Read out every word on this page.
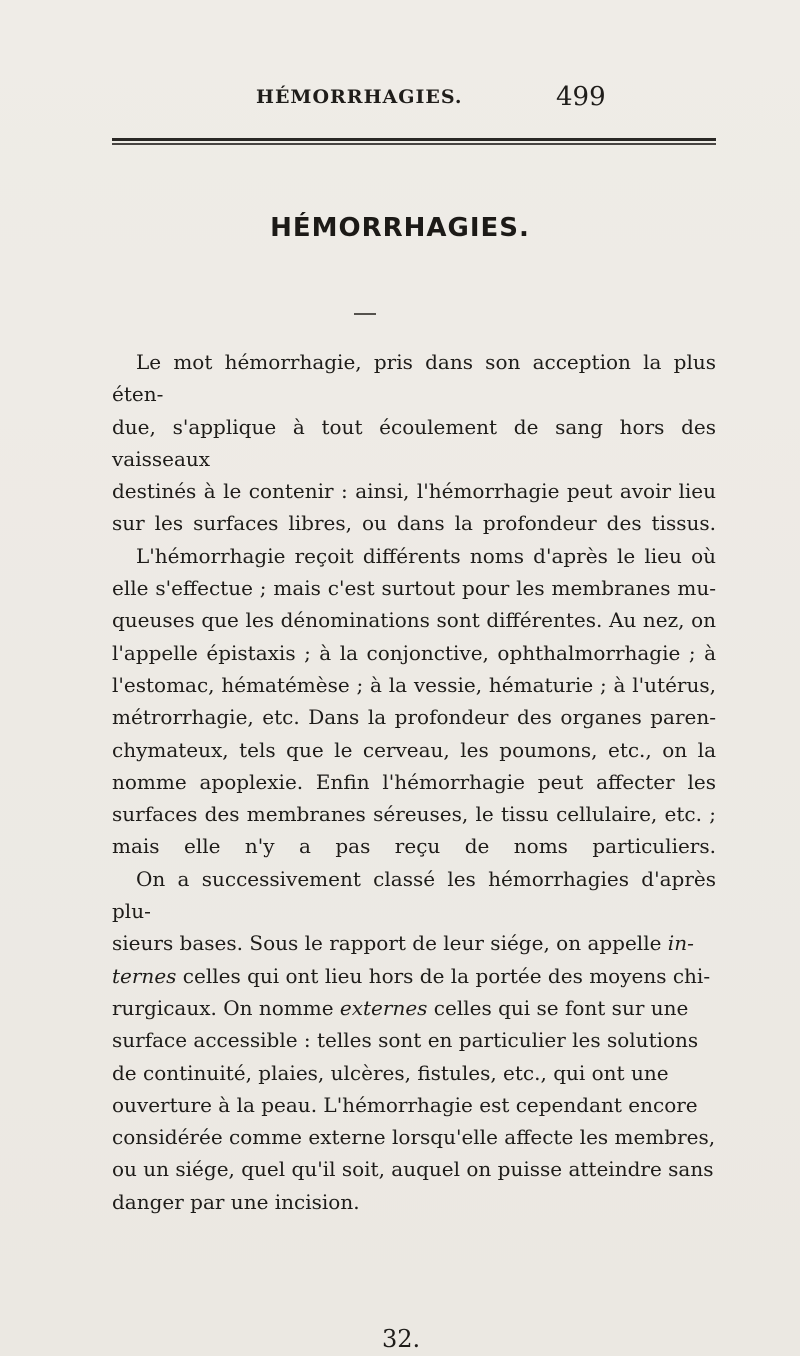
HÉMORRHAGIES.	499
HÉMORRHAGIES.

Le mot hémorrhagie, pris dans son acception la plus éten-
due, s'applique à tout écoulement de sang hors des vaisseaux
destinés à le contenir : ainsi, l'hémorrhagie peut avoir lieu
sur les surfaces libres, ou dans la profondeur des tissus.

L'hémorrhagie reçoit différents noms d'après le lieu où
elle s'effectue ; mais c'est surtout pour les membranes mu-
queuses que les dénominations sont différentes. Au nez, on
l'appelle épistaxis ; à la conjonctive, ophthalmorrhagie ; à
l'estomac, hématémèse ; à la vessie, hématurie ; à l'utérus,
métrorrhagie, etc. Dans la profondeur des organes paren-
chymateux, tels que le cerveau, les poumons, etc., on la
nomme apoplexie. Enfin l'hémorrhagie peut affecter les
surfaces des membranes séreuses, le tissu cellulaire, etc. ;
mais elle n'y a pas reçu de noms particuliers.

On a successivement classé les hémorrhagies d'après plu-
sieurs bases. Sous le rapport de leur siége, on appelle in-
ternes celles qui ont lieu hors de la portée des moyens chi-
rurgicaux. On nomme externes celles qui se font sur une
surface accessible : telles sont en particulier les solutions
de continuité, plaies, ulcères, fistules, etc., qui ont une
ouverture à la peau. L'hémorrhagie est cependant encore
considérée comme externe lorsqu'elle affecte les membres,
ou un siége, quel qu'il soit, auquel on puisse atteindre sans
danger par une incision.

32.
